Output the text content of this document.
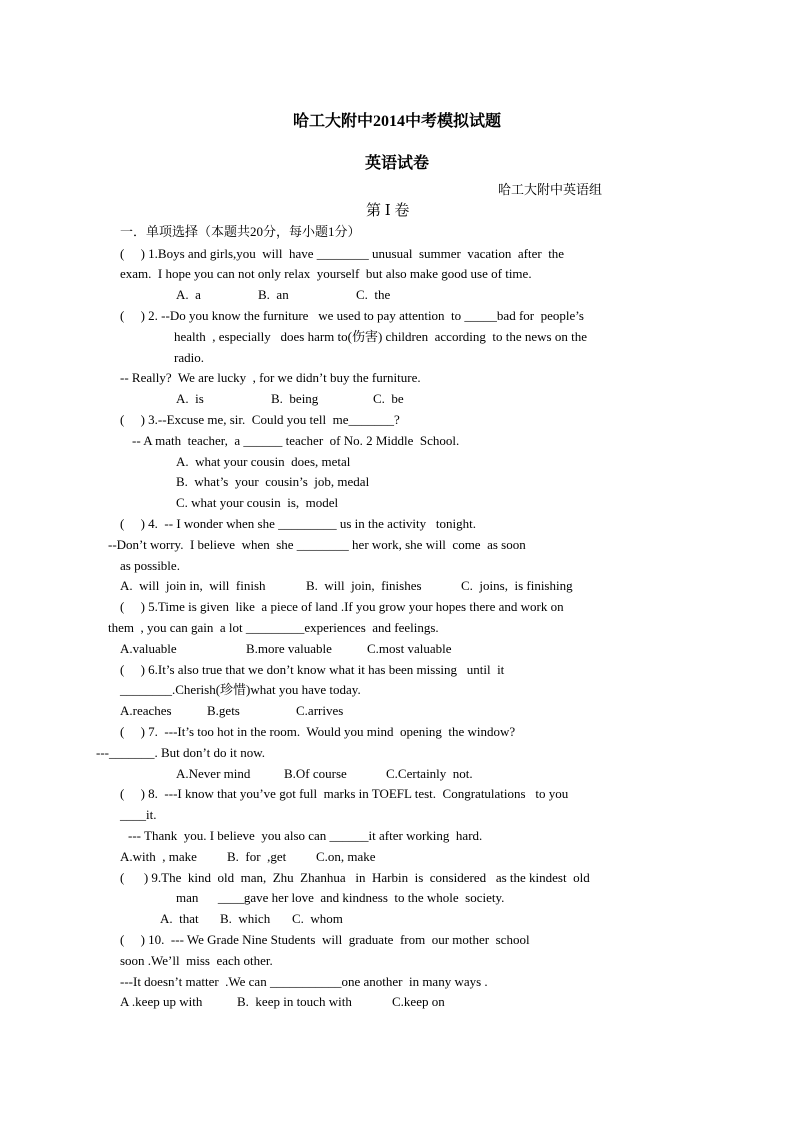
哈工大附中2014中考模拟试题
英语试卷
哈工大附中英语组
第 Ⅰ 卷
一．单项选择（本题共20分，每小题1分）
(     ) 1.Boys and girls,you  will  have ________ unusual  summer  vacation  after  the
exam.  I hope you can not only relax  yourself  but also make good use of time.
A.  a	B.  an	C.  the
(     ) 2. --Do you know the furniture   we used to pay attention  to _____bad for  people’s
health  , especially   does harm to(伤害) children  according  to the news on the
radio.
-- Really?  We are lucky  , for we didn’t buy the furniture.
A.  is	B.  being	C.  be
(     ) 3.--Excuse me, sir.  Could you tell  me_______?
-- A math  teacher,  a ______ teacher  of No. 2 Middle  School.
A.  what your cousin  does, metal
B.  what’s  your  cousin’s  job, medal
C. what your cousin  is,  model
(     ) 4.  -- I wonder when she _________ us in the activity   tonight.
--Don’t worry.  I believe  when  she ________ her work, she will  come  as soon
as possible.
A.  will  join in,  will  finish	B.  will  join,  finishes	C.  joins,  is finishing
(     ) 5.Time is given  like  a piece of land .If you grow your hopes there and work on
them  , you can gain  a lot _________experiences  and feelings.
A.valuable	B.more valuable	C.most valuable
(     ) 6.It’s also true that we don’t know what it has been missing   until  it
________.Cherish(珍惜)what you have today.
A.reaches	B.gets	C.arrives
(     ) 7.  ---It’s too hot in the room.  Would you mind  opening  the window?
---_______. But don’t do it now.
A.Never mind	B.Of course	C.Certainly  not.
(     ) 8.  ---I know that you’ve got full  marks in TOEFL test.  Congratulations   to you
____it.
--- Thank  you. I believe  you also can ______it after working  hard.
A.with  , make B.  for  ,get C.on, make
(      ) 9.The  kind  old  man,  Zhu  Zhanhua   in  Harbin  is  considered   as the kindest  old
man      ____gave her love  and kindness  to the whole  society.
A.  that B.  which C.  whom
(     ) 10.  --- We Grade Nine Students  will  graduate  from  our mother  school
soon .We’ll  miss  each other.
---It doesn’t matter  .We can ___________one another  in many ways .
A .keep up with	B.  keep in touch with	C.keep on
